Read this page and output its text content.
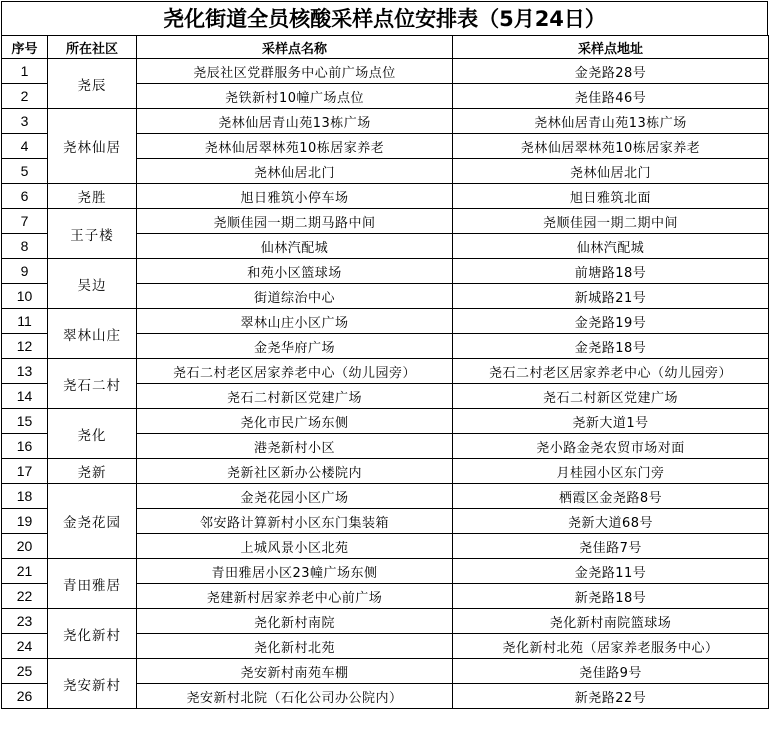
尧化街道全员核酸采样点位安排表（5月24日）
序号	所在社区	采样点名称	采样点地址
1	尧辰	尧辰社区党群服务中心前广场点位	金尧路28号
2		尧铁新村10幢广场点位	尧佳路46号
3	尧林仙居	尧林仙居青山苑13栋广场	尧林仙居青山苑13栋广场
4		尧林仙居翠林苑10栋居家养老	尧林仙居翠林苑10栋居家养老
5		尧林仙居北门	尧林仙居北门
6	尧胜	旭日雅筑小停车场	旭日雅筑北面
7	王子楼	尧顺佳园一期二期马路中间	尧顺佳园一期二期中间
8		仙林汽配城	仙林汽配城
9	吴边	和苑小区篮球场	前塘路18号
10		街道综治中心	新城路21号
11	翠林山庄	翠林山庄小区广场	金尧路19号
12		金尧华府广场	金尧路18号
13	尧石二村	尧石二村老区居家养老中心（幼儿园旁）	尧石二村老区居家养老中心（幼儿园旁）
14		尧石二村新区党建广场	尧石二村新区党建广场
15	尧化	尧化市民广场东侧	尧新大道1号
16		港尧新村小区	尧小路金尧农贸市场对面
17	尧新	尧新社区新办公楼院内	月桂园小区东门旁
18	金尧花园	金尧花园小区广场	栖霞区金尧路8号
19		邻安路计算新村小区东门集装箱	尧新大道68号
20		上城风景小区北苑	尧佳路7号
21	青田雅居	青田雅居小区23幢广场东侧	金尧路11号
22		尧建新村居家养老中心前广场	新尧路18号
23	尧化新村	尧化新村南院	尧化新村南院篮球场
24		尧化新村北苑	尧化新村北苑（居家养老服务中心）
25	尧安新村	尧安新村南苑车棚	尧佳路9号
26		尧安新村北院（石化公司办公院内）	新尧路22号
